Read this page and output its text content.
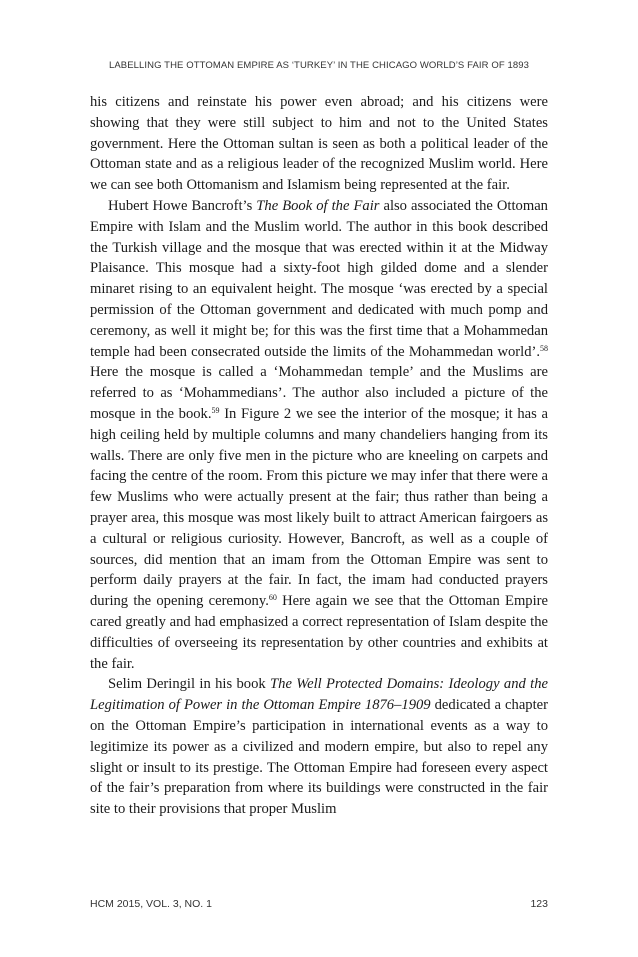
LABELLING THE OTTOMAN EMPIRE AS ‘TURKEY’ IN THE CHICAGO WORLD’S FAIR OF 1893

his citizens and reinstate his power even abroad; and his citizens were showing that they were still subject to him and not to the United States government. Here the Ottoman sultan is seen as both a political leader of the Ottoman state and as a religious leader of the recognized Muslim world. Here we can see both Ottomanism and Islamism being represented at the fair.

Hubert Howe Bancroft’s The Book of the Fair also associated the Ottoman Empire with Islam and the Muslim world. The author in this book described the Turkish village and the mosque that was erected within it at the Midway Plaisance. This mosque had a sixty-foot high gilded dome and a slender minaret rising to an equivalent height. The mosque ‘was erected by a special permission of the Ottoman government and dedicated with much pomp and ceremony, as well it might be; for this was the first time that a Mohammedan temple had been consecrated outside the limits of the Mohammedan world’.$^{58}$ Here the mosque is called a ‘Mohammedan temple’ and the Muslims are referred to as ‘Mohammedians’. The author also included a picture of the mosque in the book.$^{59}$ In Figure 2 we see the interior of the mosque; it has a high ceiling held by multiple columns and many chandeliers hanging from its walls. There are only five men in the picture who are kneeling on carpets and facing the centre of the room. From this picture we may infer that there were a few Muslims who were actually present at the fair; thus rather than being a prayer area, this mosque was most likely built to attract American fairgoers as a cultural or religious curiosity. However, Bancroft, as well as a couple of sources, did mention that an imam from the Ottoman Empire was sent to perform daily prayers at the fair. In fact, the imam had conducted prayers during the opening ceremony.$^{60}$ Here again we see that the Ottoman Empire cared greatly and had emphasized a correct representation of Islam despite the difficulties of overseeing its representation by other countries and exhibits at the fair.

Selim Deringil in his book The Well Protected Domains: Ideology and the Legitimation of Power in the Ottoman Empire 1876–1909 dedicated a chapter on the Ottoman Empire’s participation in international events as a way to legitimize its power as a civilized and modern empire, but also to repel any slight or insult to its prestige. The Ottoman Empire had foreseen every aspect of the fair’s preparation from where its buildings were constructed in the fair site to their provisions that proper Muslim

HCM 2015, VOL. 3, NO. 1	123
